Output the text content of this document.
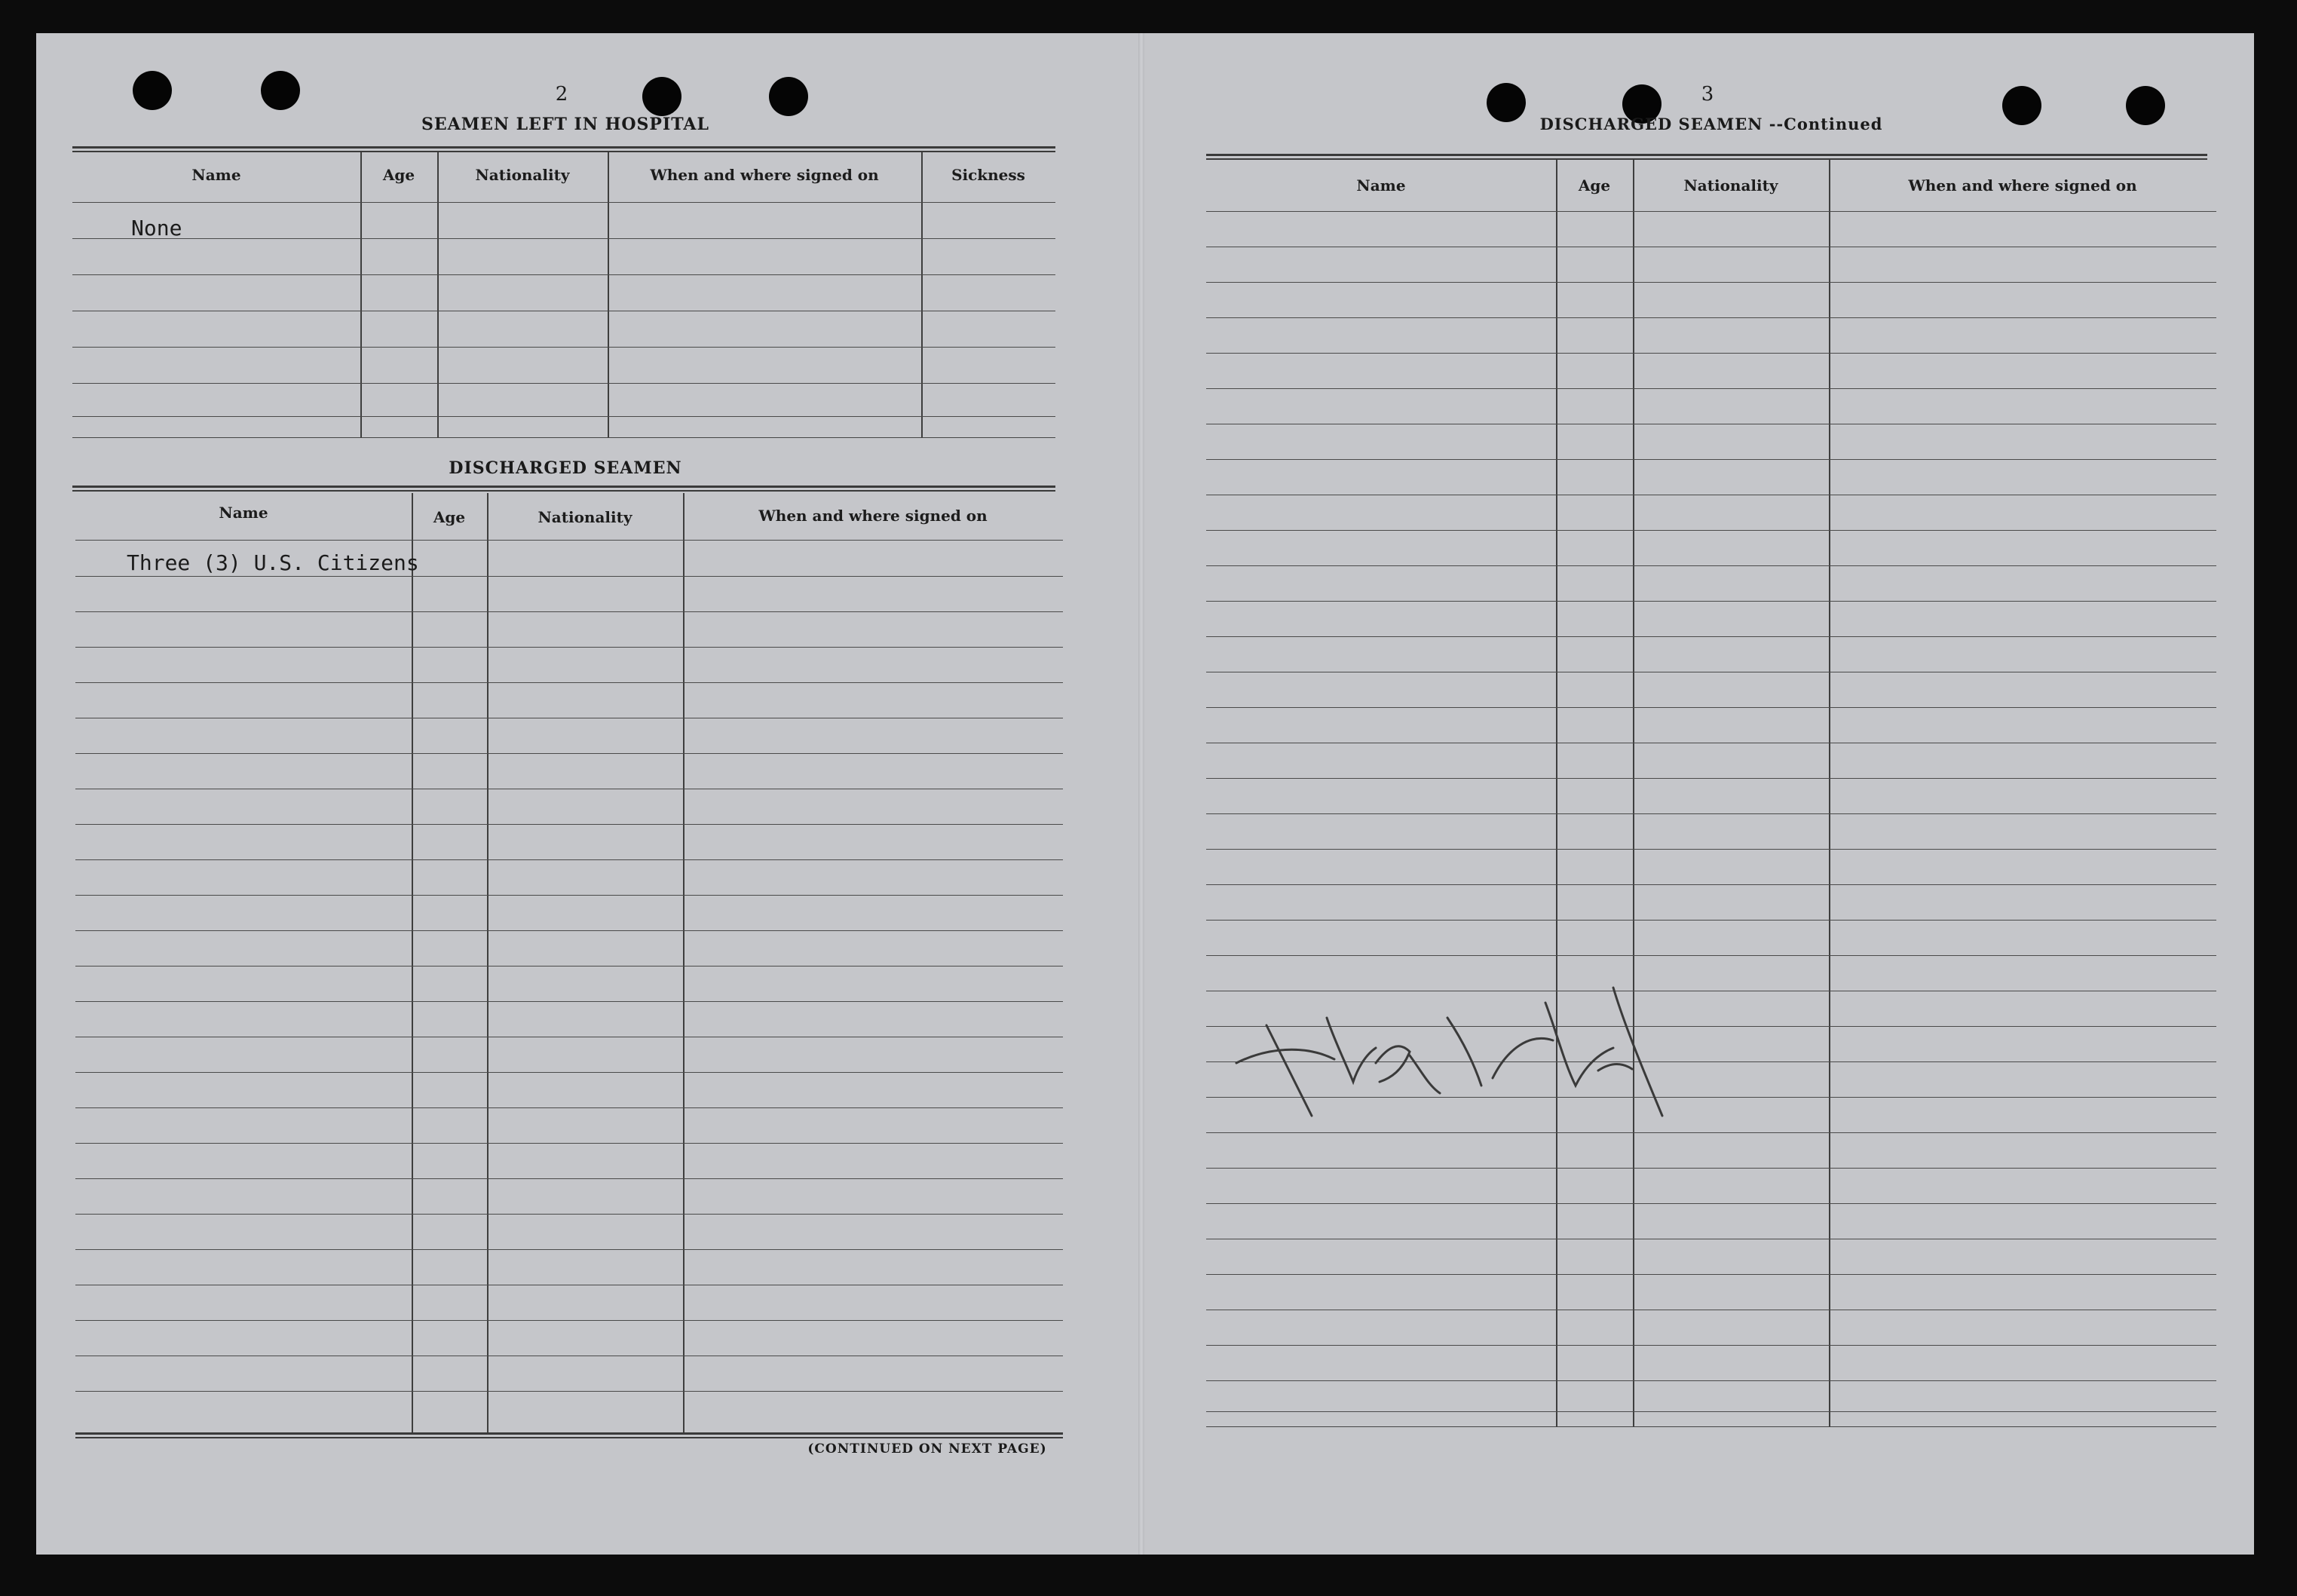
2
SEAMEN LEFT IN HOSPITAL
Name	Age	Nationality	When and where signed on	Sickness
None
DISCHARGED SEAMEN
Name	Age	Nationality	When and where signed on
Three (3) U.S. Citizens
(CONTINUED ON NEXT PAGE)
3
DISCHARGED SEAMEN --Continued
Name	Age	Nationality	When and where signed on
